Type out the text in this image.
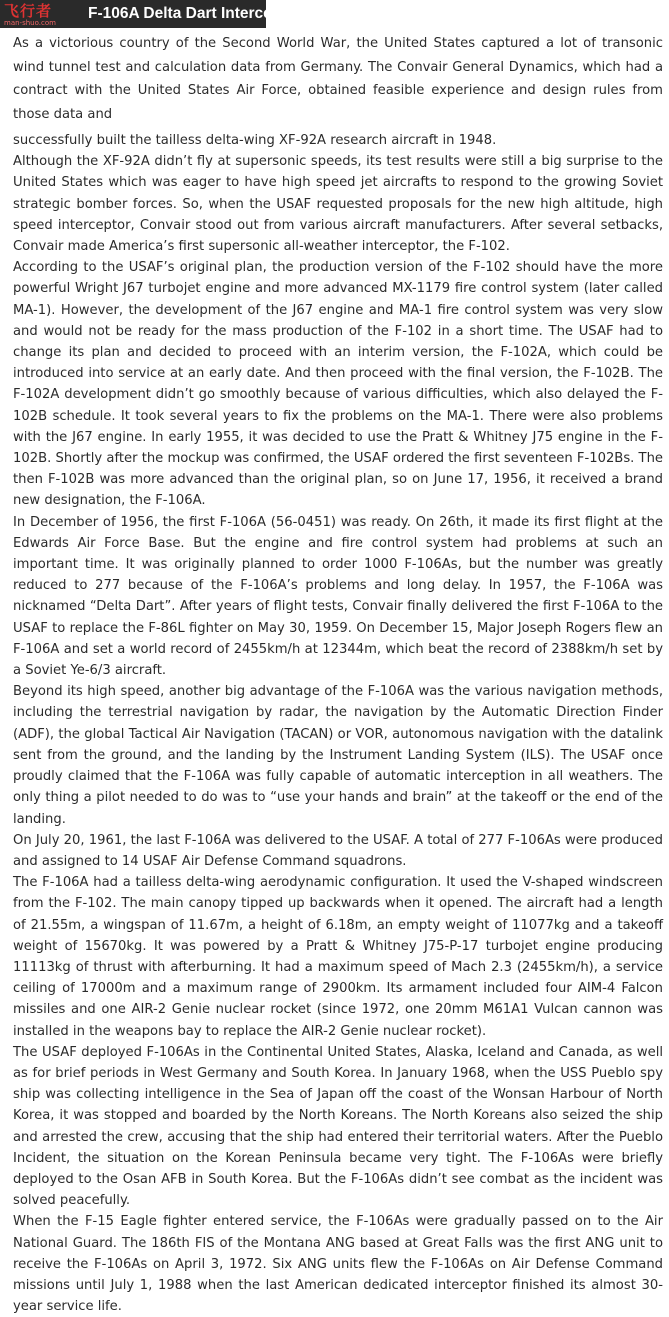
飞行者
man-shuo.com
F-106A Delta Dart Interceptor

As a victorious country of the Second World War, the United States captured a lot of transonic wind tunnel test and calculation data from Germany. The Convair General Dynamics, which had a contract with the United States Air Force, obtained feasible experience and design rules from those data and

successfully built the tailless delta-wing XF-92A research aircraft in 1948.

Although the XF-92A didn’t fly at supersonic speeds, its test results were still a big surprise to the United States which was eager to have high speed jet aircrafts to respond to the growing Soviet strategic bomber forces. So, when the USAF requested proposals for the new high altitude, high speed interceptor, Convair stood out from various aircraft manufacturers. After several setbacks, Convair made America’s first supersonic all-weather interceptor, the F-102.

According to the USAF’s original plan, the production version of the F-102 should have the more powerful Wright J67 turbojet engine and more advanced MX-1179 fire control system (later called MA-1). However, the development of the J67 engine and MA-1 fire control system was very slow and would not be ready for the mass production of the F-102 in a short time. The USAF had to change its plan and decided to proceed with an interim version, the F-102A, which could be introduced into service at an early date. And then proceed with the final version, the F-102B. The F-102A development didn’t go smoothly because of various difficulties, which also delayed the F-102B schedule. It took several years to fix the problems on the MA-1. There were also problems with the J67 engine. In early 1955, it was decided to use the Pratt & Whitney J75 engine in the F-102B. Shortly after the mockup was confirmed, the USAF ordered the first seventeen F-102Bs. The then F-102B was more advanced than the original plan, so on June 17, 1956, it received a brand new designation, the F-106A.

In December of 1956, the first F-106A (56-0451) was ready. On 26th, it made its first flight at the Edwards Air Force Base. But the engine and fire control system had problems at such an important time. It was originally planned to order 1000 F-106As, but the number was greatly reduced to 277 because of the F-106A’s problems and long delay. In 1957, the F-106A was nicknamed “Delta Dart”. After years of flight tests, Convair finally delivered the first F-106A to the USAF to replace the F-86L fighter on May 30, 1959. On December 15, Major Joseph Rogers flew an F-106A and set a world record of 2455km/h at 12344m, which beat the record of 2388km/h set by a Soviet Ye-6/3 aircraft.

Beyond its high speed, another big advantage of the F-106A was the various navigation methods, including the terrestrial navigation by radar, the navigation by the Automatic Direction Finder (ADF), the global Tactical Air Navigation (TACAN) or VOR, autonomous navigation with the datalink sent from the ground, and the landing by the Instrument Landing System (ILS). The USAF once proudly claimed that the F-106A was fully capable of automatic interception in all weathers. The only thing a pilot needed to do was to “use your hands and brain” at the takeoff or the end of the landing.

On July 20, 1961, the last F-106A was delivered to the USAF. A total of 277 F-106As were produced and assigned to 14 USAF Air Defense Command squadrons.

The F-106A had a tailless delta-wing aerodynamic configuration. It used the V-shaped windscreen from the F-102. The main canopy tipped up backwards when it opened. The aircraft had a length of 21.55m, a wingspan of 11.67m, a height of 6.18m, an empty weight of 11077kg and a takeoff weight of 15670kg. It was powered by a Pratt & Whitney J75-P-17 turbojet engine producing 11113kg of thrust with afterburning. It had a maximum speed of Mach 2.3 (2455km/h), a service ceiling of 17000m and a maximum range of 2900km. Its armament included four AIM-4 Falcon missiles and one AIR-2 Genie nuclear rocket (since 1972, one 20mm M61A1 Vulcan cannon was installed in the weapons bay to replace the AIR-2 Genie nuclear rocket).

The USAF deployed F-106As in the Continental United States, Alaska, Iceland and Canada, as well as for brief periods in West Germany and South Korea. In January 1968, when the USS Pueblo spy ship was collecting intelligence in the Sea of Japan off the coast of the Wonsan Harbour of North Korea, it was stopped and boarded by the North Koreans. The North Koreans also seized the ship and arrested the crew, accusing that the ship had entered their territorial waters. After the Pueblo Incident, the situation on the Korean Peninsula became very tight. The F-106As were briefly deployed to the Osan AFB in South Korea. But the F-106As didn’t see combat as the incident was solved peacefully.

When the F-15 Eagle fighter entered service, the F-106As were gradually passed on to the Air National Guard. The 186th FIS of the Montana ANG based at Great Falls was the first ANG unit to receive the F-106As on April 3, 1972. Six ANG units flew the F-106As on Air Defense Command missions until July 1, 1988 when the last American dedicated interceptor finished its almost 30-year service life.
